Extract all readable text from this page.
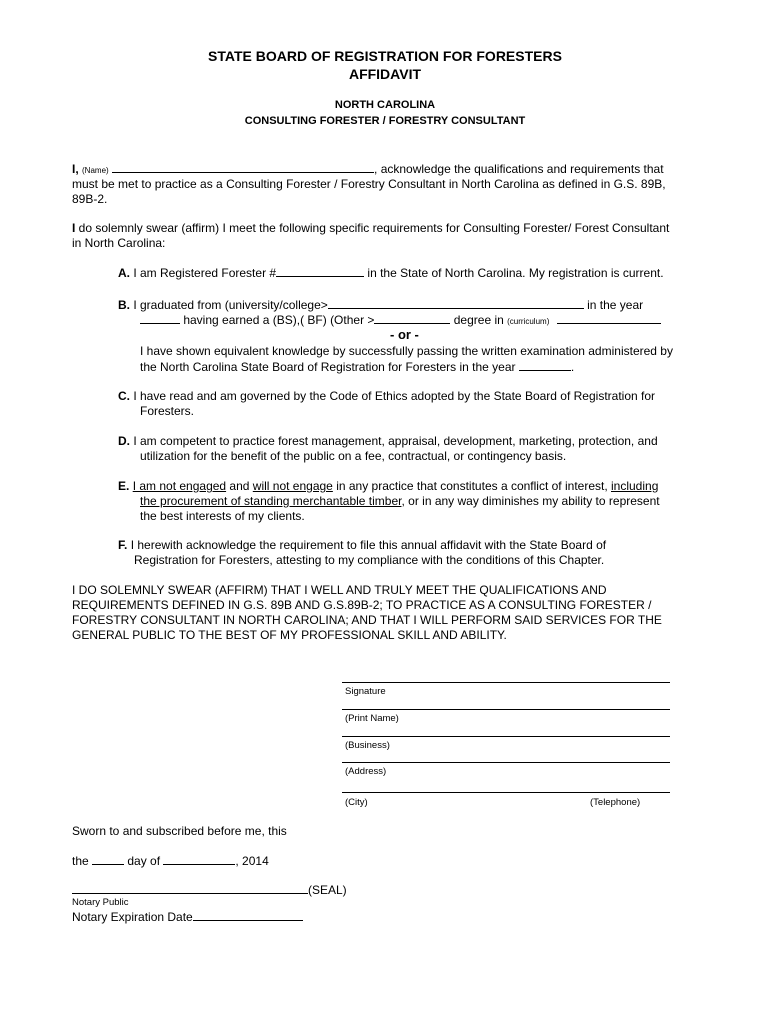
STATE BOARD OF REGISTRATION FOR FORESTERS
AFFIDAVIT
NORTH CAROLINA
CONSULTING FORESTER / FORESTRY CONSULTANT
I, (Name)	, acknowledge the qualifications and requirements that
must be met to practice as a Consulting Forester / Forestry Consultant in North Carolina as defined in G.S. 89B,
89B-2.
I do solemnly swear (affirm) I meet the following specific requirements for Consulting Forester/ Forest Consultant
in North Carolina:
A. I am Registered Forester #	in the State of North Carolina. My registration is current.
B. I graduated from (university/college>	in the year
having earned a (BS),( BF) (Other >	degree in (curriculum)
- or -
I have shown equivalent knowledge by successfully passing the written examination administered by
the North Carolina State Board of Registration for Foresters in the year	.
C. I have read and am governed by the Code of Ethics adopted by the State Board of Registration for
Foresters.
D. I am competent to practice forest management, appraisal, development, marketing, protection, and
utilization for the benefit of the public on a fee, contractual, or contingency basis.
E. I am not engaged and will not engage in any practice that constitutes a conflict of interest, including
the procurement of standing merchantable timber, or in any way diminishes my ability to represent
the best interests of my clients.
F. I herewith acknowledge the requirement to file this annual affidavit with the State Board of
Registration for Foresters, attesting to my compliance with the conditions of this Chapter.
I DO SOLEMNLY SWEAR (AFFIRM) THAT I WELL AND TRULY MEET THE QUALIFICATIONS AND
REQUIREMENTS DEFINED IN G.S. 89B AND G.S.89B-2; TO PRACTICE AS A CONSULTING FORESTER /
FORESTRY CONSULTANT IN NORTH CAROLINA; AND THAT I WILL PERFORM SAID SERVICES FOR THE
GENERAL PUBLIC TO THE BEST OF MY PROFESSIONAL SKILL AND ABILITY.
Signature
(Print Name)
(Business)
(Address)
(City)	(Telephone)
Sworn to and subscribed before me, this
the	day of	, 2014
(SEAL)
Notary Public
Notary Expiration Date
